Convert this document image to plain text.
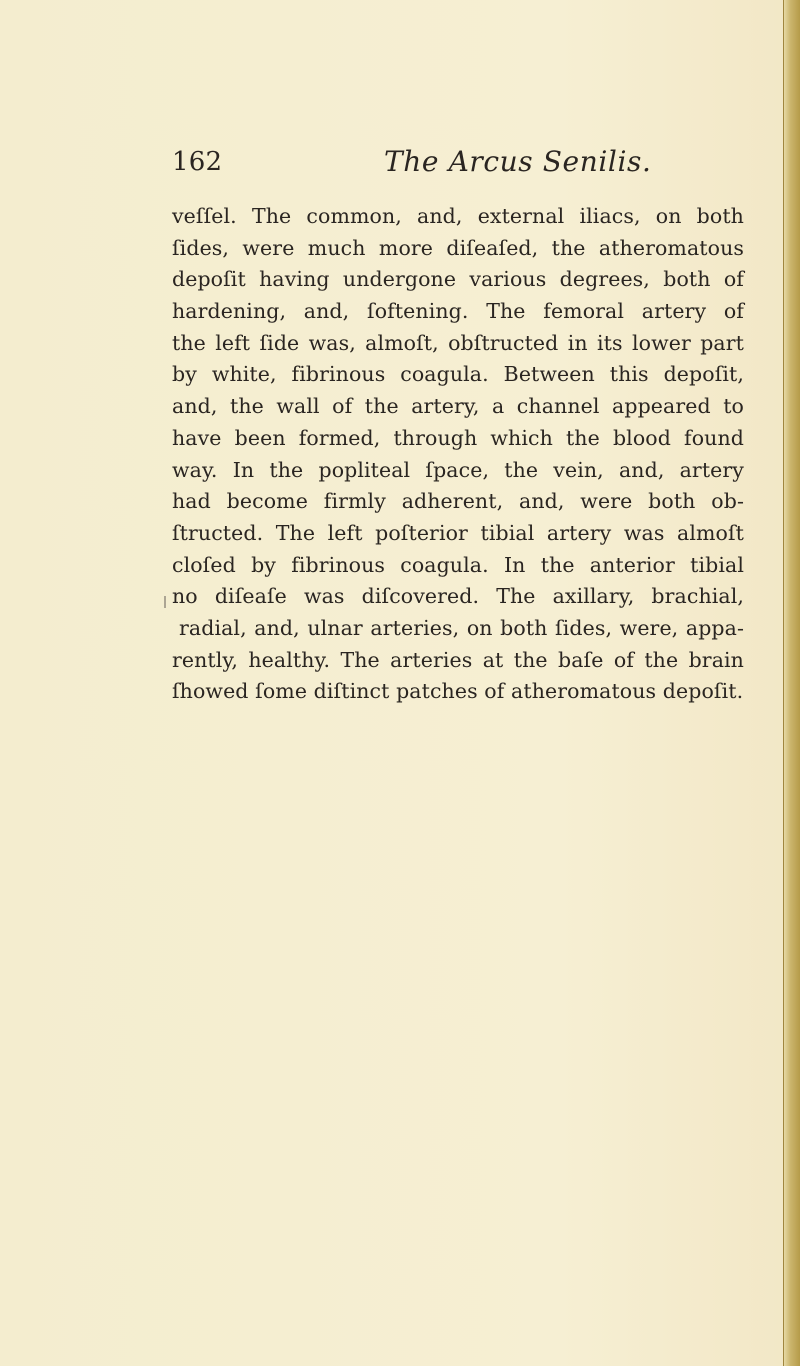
162	The Arcus Senilis.
veſſel. The common, and, external iliacs, on both
ſides, were much more diſeaſed, the atheromatous
depoſit having undergone various degrees, both of
hardening, and, ſoftening. The femoral artery of
the left ſide was, almoſt, obſtructed in its lower part
by white, fibrinous coagula. Between this depoſit,
and, the wall of the artery, a channel appeared to
have been formed, through which the blood found
way. In the popliteal ſpace, the vein, and, artery
had become firmly adherent, and, were both ob-
ſtructed. The left poſterior tibial artery was almoſt
cloſed by fibrinous coagula. In the anterior tibial
no diſeaſe was diſcovered. The axillary, brachial,
radial, and, ulnar arteries, on both ſides, were, appa-
rently, healthy. The arteries at the baſe of the brain
ſhowed ſome diſtinct patches of atheromatous depoſit.
